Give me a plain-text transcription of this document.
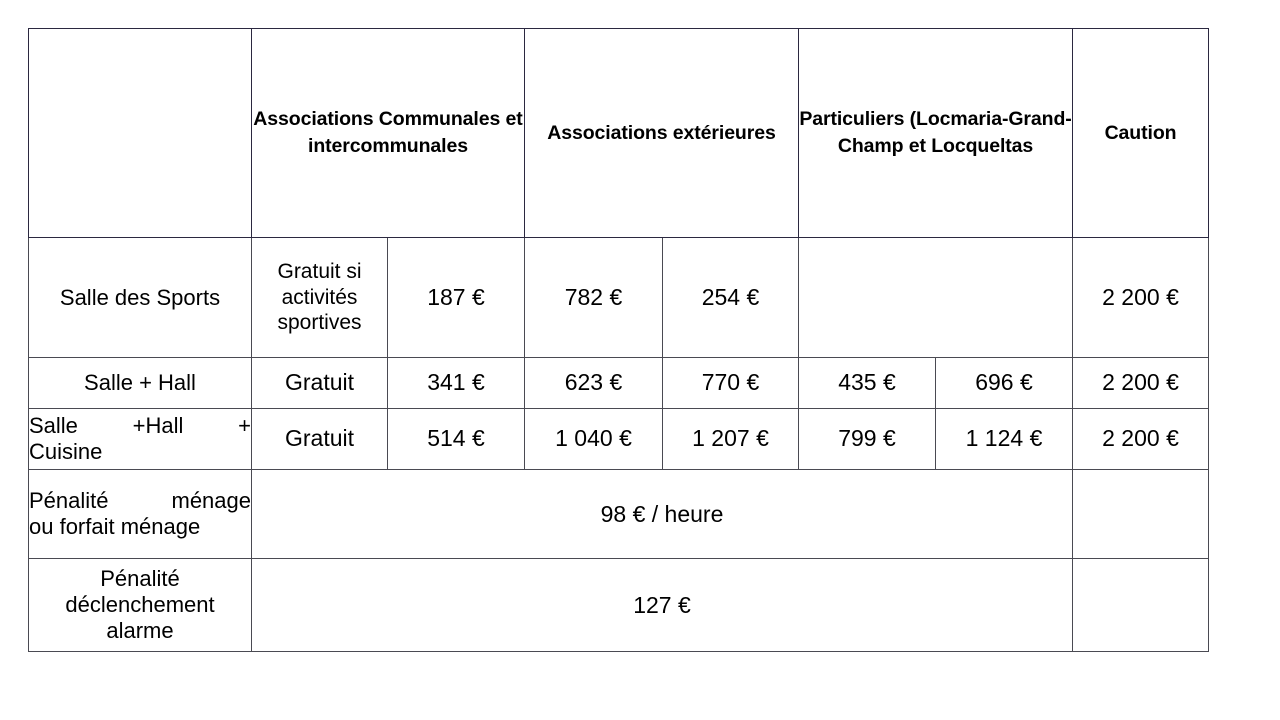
	Associations Communales et intercommunales		Associations extérieures		Particuliers (Locmaria-Grand-Champ et Locqueltas		Caution
Salle des Sports	Gratuit si activités sportives	187 €	782 €	254 €			2 200 €
Salle + Hall	Gratuit	341 €	623 €	770 €	435 €	696 €	2 200 €

Salle +Hall +
Cuisine	Gratuit	514 €	1 040 €	1 207 €	799 €	1 124 €	2 200 €

Pénalité ménage
ou forfait ménage	98 € / heure						
Pénalité déclenchement alarme	127 €						
